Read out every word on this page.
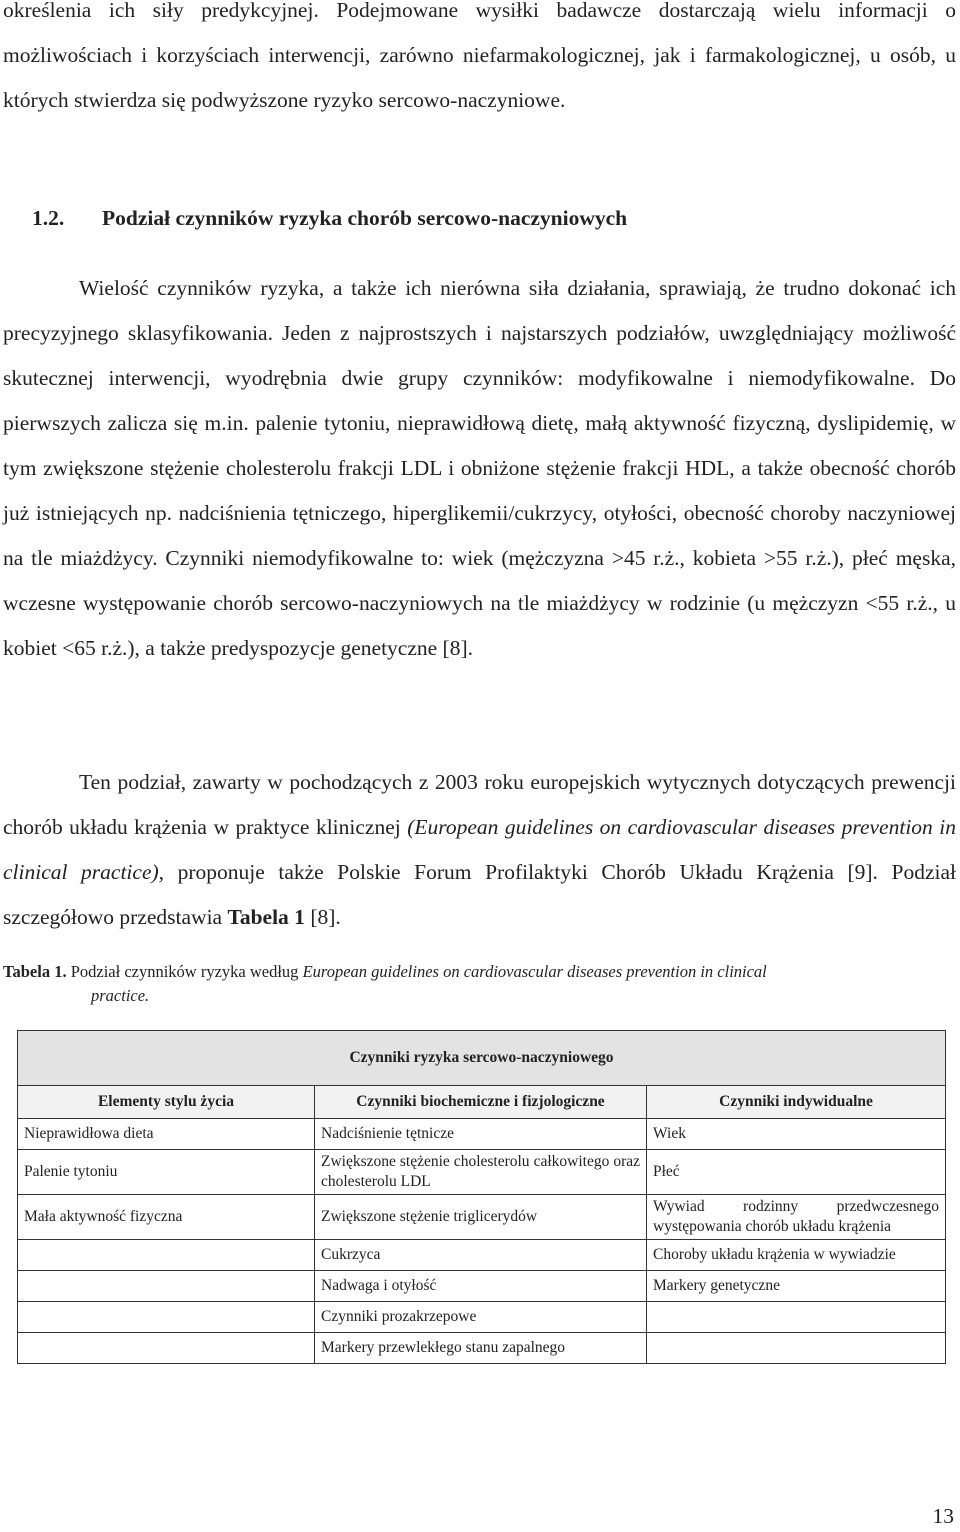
określenia ich siły predykcyjnej. Podejmowane wysiłki badawcze dostarczają wielu informacji o możliwościach i korzyściach interwencji, zarówno niefarmakologicznej, jak i farmakologicznej, u osób, u których stwierdza się podwyższone ryzyko sercowo-naczyniowe.

1.2. Podział czynników ryzyka chorób sercowo-naczyniowych

Wielość czynników ryzyka, a także ich nierówna siła działania, sprawiają, że trudno dokonać ich precyzyjnego sklasyfikowania. Jeden z najprostszych i najstarszych podziałów, uwzględniający możliwość skutecznej interwencji, wyodrębnia dwie grupy czynników: modyfikowalne i niemodyfikowalne. Do pierwszych zalicza się m.in. palenie tytoniu, nieprawidłową dietę, małą aktywność fizyczną, dyslipidemię, w tym zwiększone stężenie cholesterolu frakcji LDL i obniżone stężenie frakcji HDL, a także obecność chorób już istniejących np. nadciśnienia tętniczego, hiperglikemii/cukrzycy, otyłości, obecność choroby naczyniowej na tle miażdżycy. Czynniki niemodyfikowalne to: wiek (mężczyzna >45 r.ż., kobieta >55 r.ż.), płeć męska, wczesne występowanie chorób sercowo-naczyniowych na tle miażdżycy w rodzinie (u mężczyzn <55 r.ż., u kobiet <65 r.ż.), a także predyspozycje genetyczne [8].

Ten podział, zawarty w pochodzących z 2003 roku europejskich wytycznych dotyczących prewencji chorób układu krążenia w praktyce klinicznej (European guidelines on cardiovascular diseases prevention in clinical practice), proponuje także Polskie Forum Profilaktyki Chorób Układu Krążenia [9]. Podział szczegółowo przedstawia Tabela 1 [8].

Tabela 1. Podział czynników ryzyka według European guidelines on cardiovascular diseases prevention in clinical
practice.

Czynniki ryzyka sercowo-naczyniowego		
Elementy stylu życia	Czynniki biochemiczne i fizjologiczne	Czynniki indywidualne
Nieprawidłowa dieta	Nadciśnienie tętnicze	Wiek
Palenie tytoniu	Zwiększone stężenie cholesterolu całkowitego oraz cholesterolu LDL	Płeć
Mała aktywność fizyczna	Zwiększone stężenie triglicerydów	Wywiad rodzinny przedwczesnego występowania chorób układu krążenia
	Cukrzyca	Choroby układu krążenia w wywiadzie
	Nadwaga i otyłość	Markery genetyczne
	Czynniki prozakrzepowe	
	Markery przewlekłego stanu zapalnego	
13
